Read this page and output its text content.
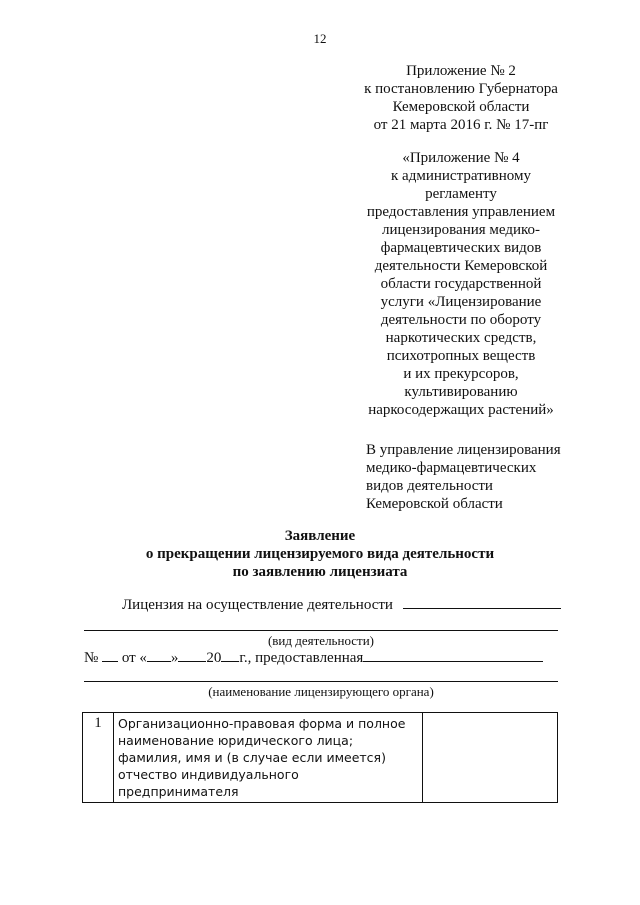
12
Приложение № 2
к постановлению Губернатора
Кемеровской области
от 21 марта 2016 г. № 17-пг
«Приложение № 4
к административному
регламенту
предоставления управлением
лицензирования медико-
фармацевтических видов
деятельности Кемеровской
области государственной
услуги «Лицензирование
деятельности по обороту
наркотических средств,
психотропных веществ
и их прекурсоров,
культивированию
наркосодержащих растений»
В управление лицензирования
медико-фармацевтических
видов деятельности
Кемеровской области
Заявление
о прекращении лицензируемого вида деятельности
по заявлению лицензиата
Лицензия на осуществление деятельности
(вид деятельности)
№ от « » 20 г., предоставленная
(наименование лицензирующего органа)
1	Организационно-правовая форма и полное
наименование юридического лица;
фамилия, имя и (в случае если имеется)
отчество индивидуального предпринимателя
